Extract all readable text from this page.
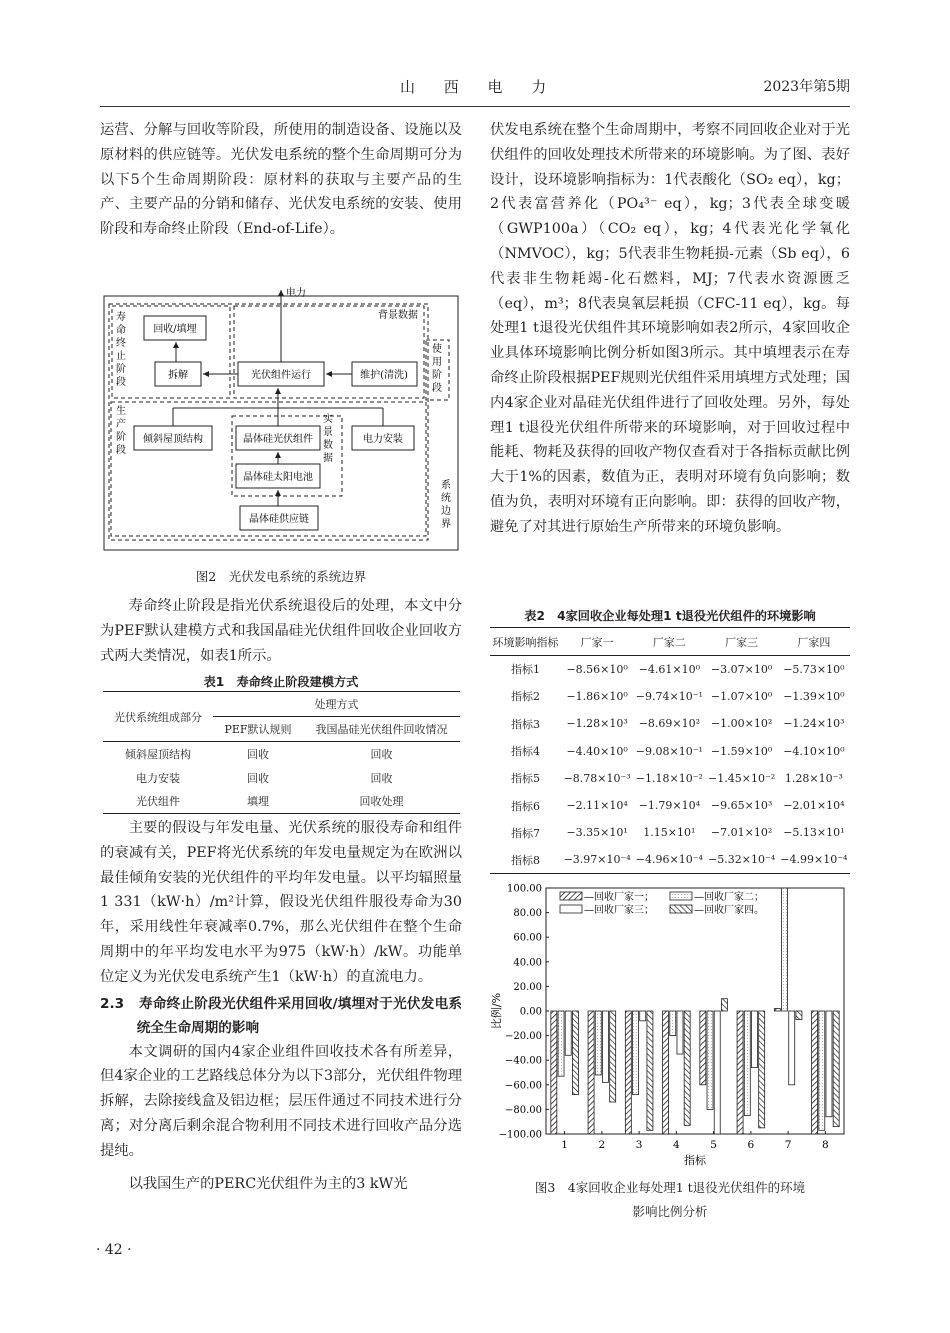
山 西 电 力	2023年第5期

运营、分解与回收等阶段，所使用的制造设备、设施以及原材料的供应链等。光伏发电系统的整个生命周期可分为以下5个生命周期阶段：原材料的获取与主要产品的生产、主要产品的分销和储存、光伏发电系统的安装、使用阶段和寿命终止阶段（End-of-Life）。

电力
背景数据
寿
命
终
止
阶
段
使
用
阶
段
生
产
阶
段
实
景
数
据
系
统
边
界
回收/填埋
拆解	光伏组件运行	维护(清洗)
倾斜屋顶结构	晶体硅光伏组件	电力安装
晶体硅太阳电池
晶体硅供应链
图2　光伏发电系统的系统边界

寿命终止阶段是指光伏系统退役后的处理，本文中分为PEF默认建模方式和我国晶硅光伏组件回收企业回收方式两大类情况，如表1所示。

表1　寿命终止阶段建模方式
光伏系统组成部分	处理方式	
	PEF默认规则	我国晶硅光伏组件回收情况
倾斜屋顶结构	回收	回收
电力安装	回收	回收
光伏组件	填埋	回收处理

主要的假设与年发电量、光伏系统的服役寿命和组件的衰减有关，PEF将光伏系统的年发电量规定为在欧洲以最佳倾角安装的光伏组件的平均年发电量。以平均辐照量1 331（kW·h）/m²计算，假设光伏组件服役寿命为30年，采用线性年衰减率0.7%，那么光伏组件在整个生命周期中的年平均发电水平为975（kW·h）/kW。功能单位定义为光伏发电系统产生1（kW·h）的直流电力。

2.3 寿命终止阶段光伏组件采用回收/填埋对于光伏发电系统全生命周期的影响

本文调研的国内4家企业组件回收技术各有所差异，但4家企业的工艺路线总体分为以下3部分，光伏组件物理拆解，去除接线盒及铝边框；层压件通过不同技术进行分离；对分离后剩余混合物利用不同技术进行回收产品分选提纯。

以我国生产的PERC光伏组件为主的3 kW光

· 42 ·

伏发电系统在整个生命周期中，考察不同回收企业对于光伏组件的回收处理技术所带来的环境影响。为了图、表好设计，设环境影响指标为：1代表酸化（SO₂ eq），kg；2代表富营养化（PO₄³⁻ eq），kg；3代表全球变暖（GWP100a）（CO₂ eq），kg；4代表光化学氧化（NMVOC），kg；5代表非生物耗损-元素（Sb eq），6代表非生物耗竭-化石燃料，MJ；7代表水资源匮乏（eq），m³；8代表臭氧层耗损（CFC-11 eq），kg。每处理1 t退役光伏组件其环境影响如表2所示，4家回收企业具体环境影响比例分析如图3所示。其中填埋表示在寿命终止阶段根据PEF规则光伏组件采用填埋方式处理；国内4家企业对晶硅光伏组件进行了回收处理。另外，每处理1 t退役光伏组件所带来的环境影响，对于回收过程中能耗、物耗及获得的回收产物仅查看对于各指标贡献比例大于1%的因素，数值为正，表明对环境有负向影响；数值为负，表明对环境有正向影响。即：获得的回收产物，避免了对其进行原始生产所带来的环境负影响。

表2　4家回收企业每处理1 t退役光伏组件的环境影响
环境影响指标	厂家一	厂家二	厂家三	厂家四
指标1	−8.56×10⁰	−4.61×10⁰	−3.07×10⁰	−5.73×10⁰
指标2	−1.86×10⁰	−9.74×10⁻¹	−1.07×10⁰	−1.39×10⁰
指标3	−1.28×10³	−8.69×10²	−1.00×10²	−1.24×10³
指标4	−4.40×10⁰	−9.08×10⁻¹	−1.59×10⁰	−4.10×10⁰
指标5	−8.78×10⁻³	−1.18×10⁻²	−1.45×10⁻²	1.28×10⁻³
指标6	−2.11×10⁴	−1.79×10⁴	−9.65×10³	−2.01×10⁴
指标7	−3.35×10¹	1.15×10¹	−7.01×10²	−5.13×10¹
指标8	−3.97×10⁻⁴	−4.96×10⁻⁴	−5.32×10⁻⁴	−4.99×10⁻⁴
100.00
80.00
60.00
40.00
20.00
0.00
−20.00
−40.00
−60.00
−80.00
−100.00
比例/%
1	2	3	4	5	6	7	8
指标
—回收厂家一；	—回收厂家二；
—回收厂家三；	—回收厂家四。
图3　4家回收企业每处理1 t退役光伏组件的环境
影响比例分析
